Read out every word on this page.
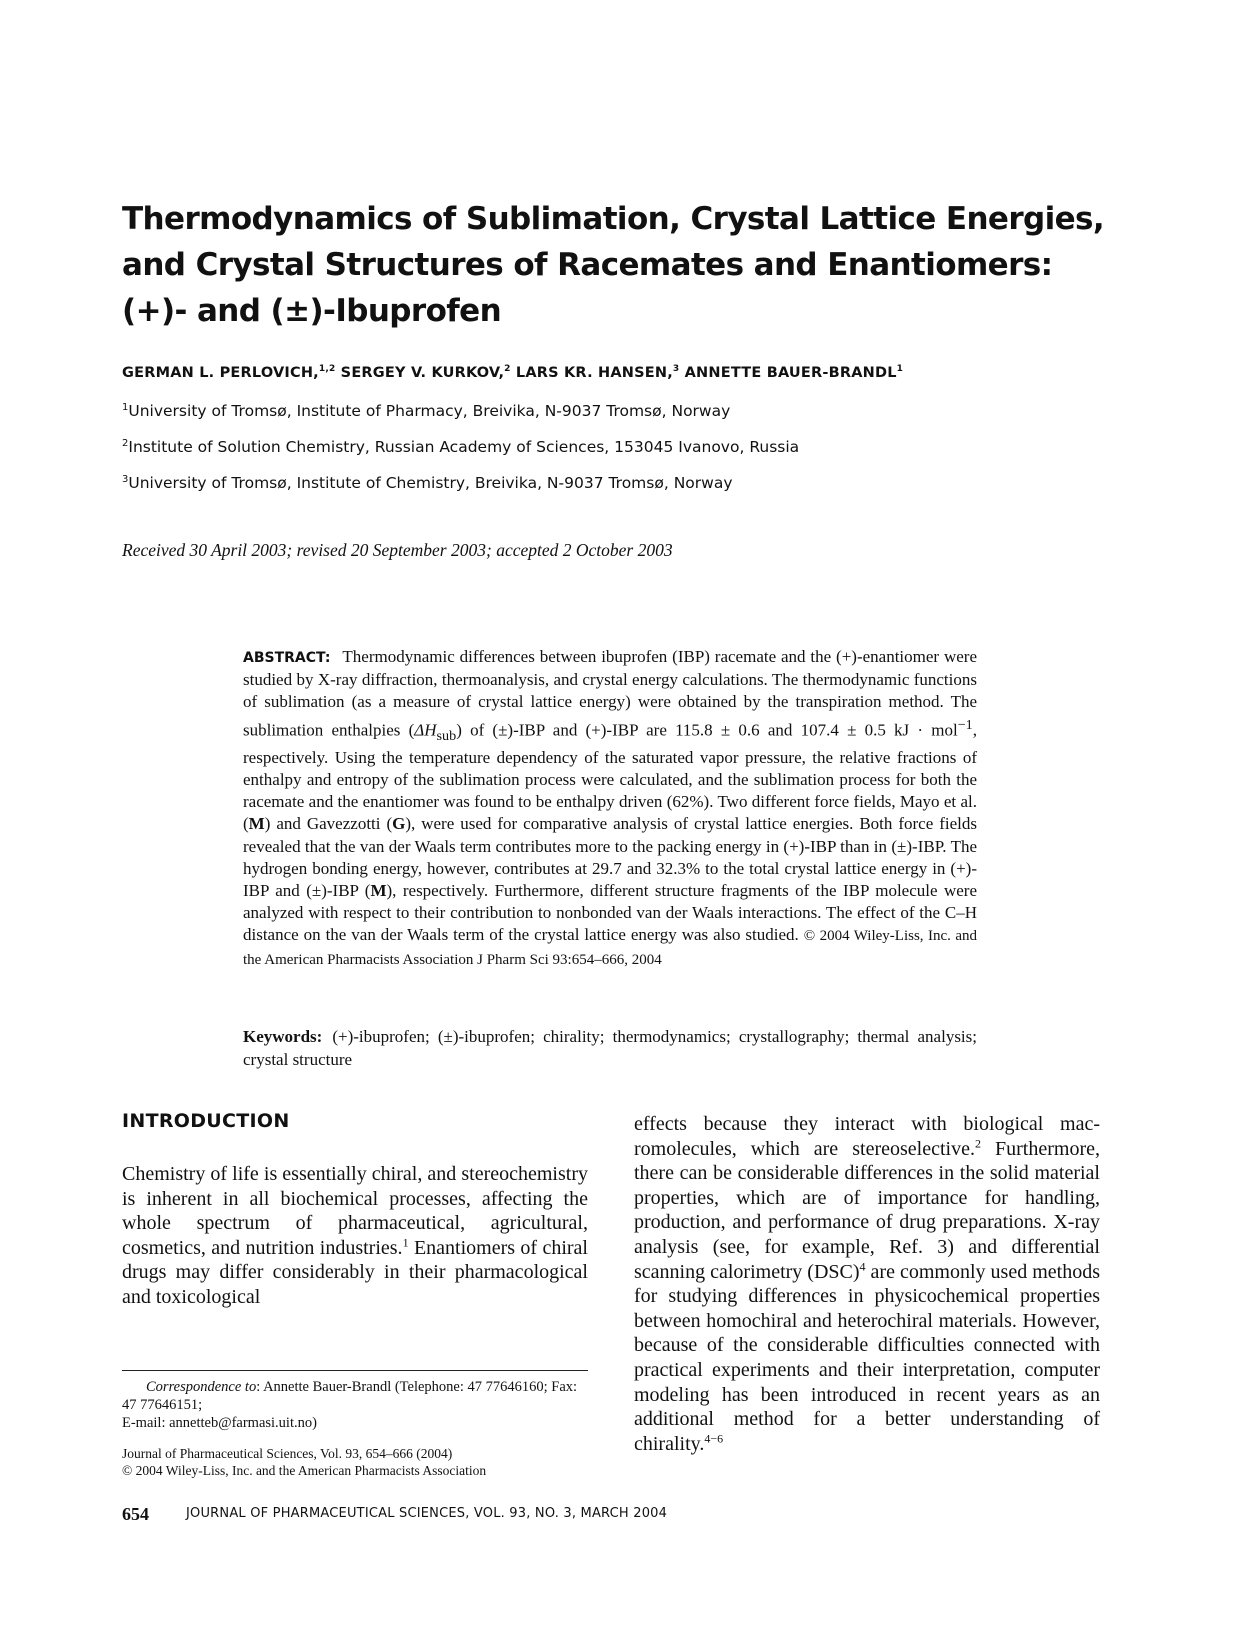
Thermodynamics of Sublimation, Crystal Lattice Energies,
and Crystal Structures of Racemates and Enantiomers:
(+)- and (±)-Ibuprofen
GERMAN L. PERLOVICH,$^{1,2}$ SERGEY V. KURKOV,$^2$ LARS KR. HANSEN,$^3$ ANNETTE BAUER-BRANDL$^1$
$^1$University of Tromsø, Institute of Pharmacy, Breivika, N-9037 Tromsø, Norway
$^2$Institute of Solution Chemistry, Russian Academy of Sciences, 153045 Ivanovo, Russia
$^3$University of Tromsø, Institute of Chemistry, Breivika, N-9037 Tromsø, Norway
Received 30 April 2003; revised 20 September 2003; accepted 2 October 2003

ABSTRACT: Thermodynamic differences between ibuprofen (IBP) racemate and the (+)-enantiomer were studied by X-ray diffraction, thermoanalysis, and crystal energy calculations. The thermodynamic functions of sublimation (as a measure of crystal lattice energy) were obtained by the transpiration method. The sublimation enthalpies $(\Delta H_{sub})$ of (±)-IBP and (+)-IBP are 115.8 ± 0.6 and 107.4 ± 0.5 kJ · mol$^{-1}$, respectively. Using the temperature dependency of the saturated vapor pressure, the relative fractions of enthalpy and entropy of the sublimation process were calculated, and the sublimation process for both the racemate and the enantiomer was found to be enthalpy driven (62%). Two different force fields, Mayo et al. (M) and Gavezzotti (G), were used for comparative analysis of crystal lattice energies. Both force fields revealed that the van der Waals term contributes more to the packing energy in (+)-IBP than in (±)-IBP. The hydrogen bonding energy, however, contributes at 29.7 and 32.3% to the total crystal lattice energy in (+)-IBP and (±)-IBP (M), respectively. Furthermore, different structure fragments of the IBP molecule were analyzed with respect to their contribution to nonbonded van der Waals interactions. The effect of the C–H distance on the van der Waals term of the crystal lattice energy was also studied. © 2004 Wiley-Liss, Inc. and the American Pharmacists Association J Pharm Sci 93:654–666, 2004

Keywords: (+)-ibuprofen; (±)-ibuprofen; chirality; thermodynamics; crystallography; thermal analysis; crystal structure

INTRODUCTION

Chemistry of life is essentially chiral, and stereochemistry is inherent in all biochemical processes, affecting the whole spectrum of pharmaceutical, agricultural, cosmetics, and nutrition industries.$^1$ Enantiomers of chiral drugs may differ considerably in their pharmacological and toxicological

effects because they interact with biological macromolecules, which are stereoselective.$^2$ Furthermore, there can be considerable differences in the solid material properties, which are of importance for handling, production, and performance of drug preparations. X-ray analysis (see, for example, Ref. 3) and differential scanning calorimetry (DSC)$^4$ are commonly used methods for studying differences in physicochemical properties between homochiral and heterochiral materials. However, because of the considerable difficulties connected with practical experiments and their interpretation, computer modeling has been introduced in recent years as an additional method for a better understanding of chirality.$^{4-6}$

Correspondence to: Annette Bauer-Brandl (Telephone: 47 77646160; Fax: 47 77646151;
E-mail: annetteb@farmasi.uit.no)

Journal of Pharmaceutical Sciences, Vol. 93, 654–666 (2004)
© 2004 Wiley-Liss, Inc. and the American Pharmacists Association

654	JOURNAL OF PHARMACEUTICAL SCIENCES, VOL. 93, NO. 3, MARCH 2004
